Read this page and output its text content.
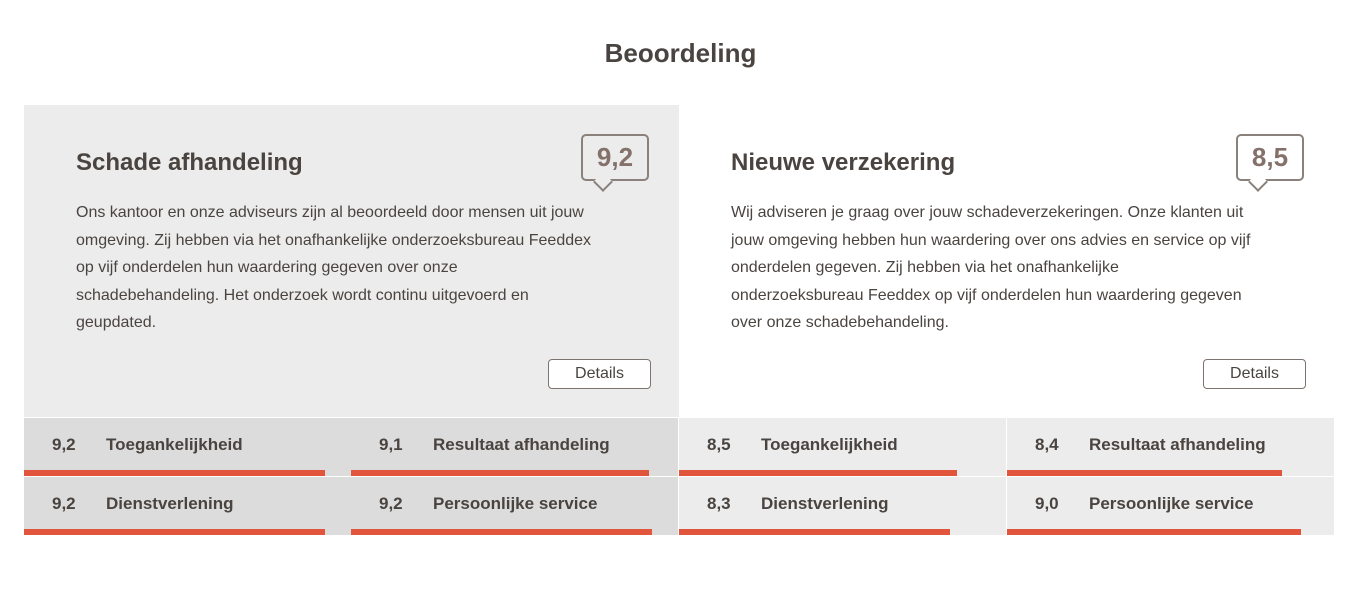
Beoordeling
Schade afhandeling	9,2

Ons kantoor en onze adviseurs zijn al beoordeeld door mensen uit jouw omgeving. Zij hebben via het onafhankelijke onderzoeksbureau Feeddex op vijf onderdelen hun waardering gegeven over onze schadebehandeling. Het onderzoek wordt continu uitgevoerd en geupdated.

Details
Nieuwe verzekering	8,5

Wij adviseren je graag over jouw schadeverzekeringen. Onze klanten uit jouw omgeving hebben hun waardering over ons advies en service op vijf onderdelen gegeven. Zij hebben via het onafhankelijke onderzoeksbureau Feeddex op vijf onderdelen hun waardering gegeven over onze schadebehandeling.

Details
9,2 Toegankelijkheid	9,1 Resultaat afhandeling	8,5 Toegankelijkheid	8,4 Resultaat afhandeling
9,2 Dienstverlening	9,2 Persoonlijke service	8,3 Dienstverlening	9,0 Persoonlijke service
